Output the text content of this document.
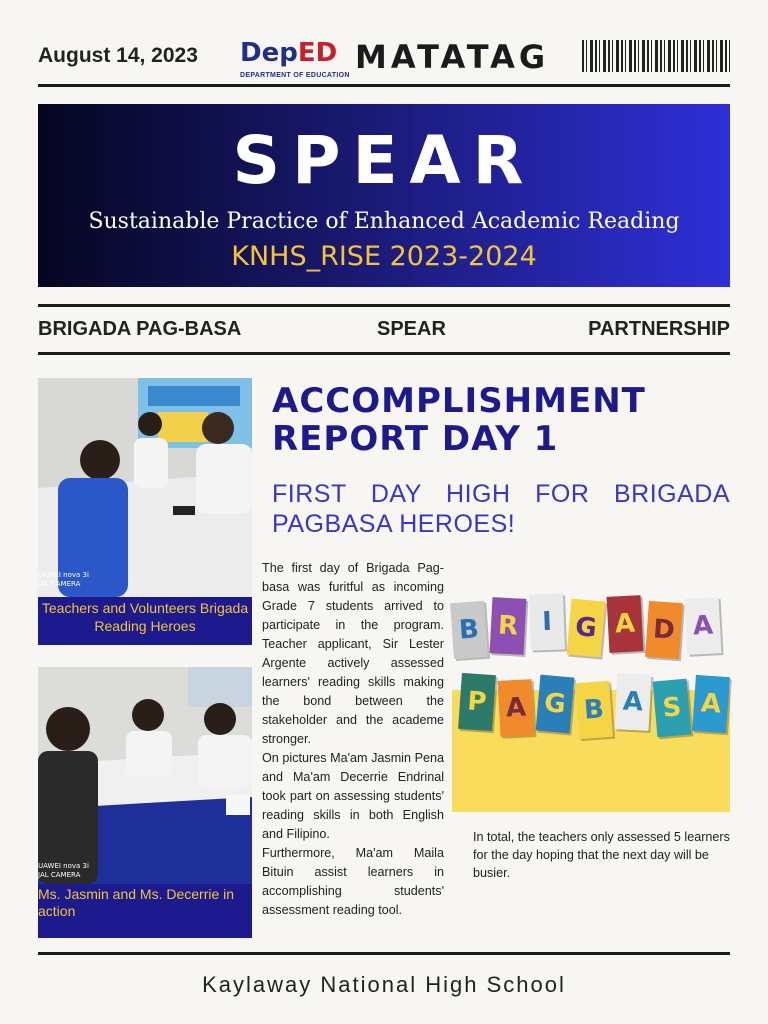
August 14, 2023 DepED
DEPARTMENT OF EDUCATION MATATAG
SPEAR
Sustainable Practice of Enhanced Academic Reading
KNHS_RISE 2023-2024
BRIGADA PAG-BASA	SPEAR	PARTNERSHIP
UAWEI nova 3i
JAL CAMERA
Teachers and Volunteers Brigada Reading Heroes
UAWEI nova 3i
JAL CAMERA
Ms. Jasmin and Ms. Decerrie in action
ACCOMPLISHMENT
REPORT DAY 1
FIRST DAY HIGH FOR BRIGADA PAGBASA HEROES!

The first day of Brigada Pag-basa was furitful as incoming Grade 7 students arrived to participate in the program. Teacher applicant, Sir Lester Argente actively assessed learners' reading skills making the bond between the stakeholder and the academe stronger.

On pictures Ma'am Jasmin Pena and Ma'am Decerrie Endrinal took part on assessing students' reading skills in both English and Filipino.

Furthermore, Ma'am Maila Bituin assist learners in accomplishing students' assessment reading tool.

B R I G A D A
P A G B A S A
In total, the teachers only assessed 5 learners for the day hoping that the next day will be busier.
Kaylaway National High School
